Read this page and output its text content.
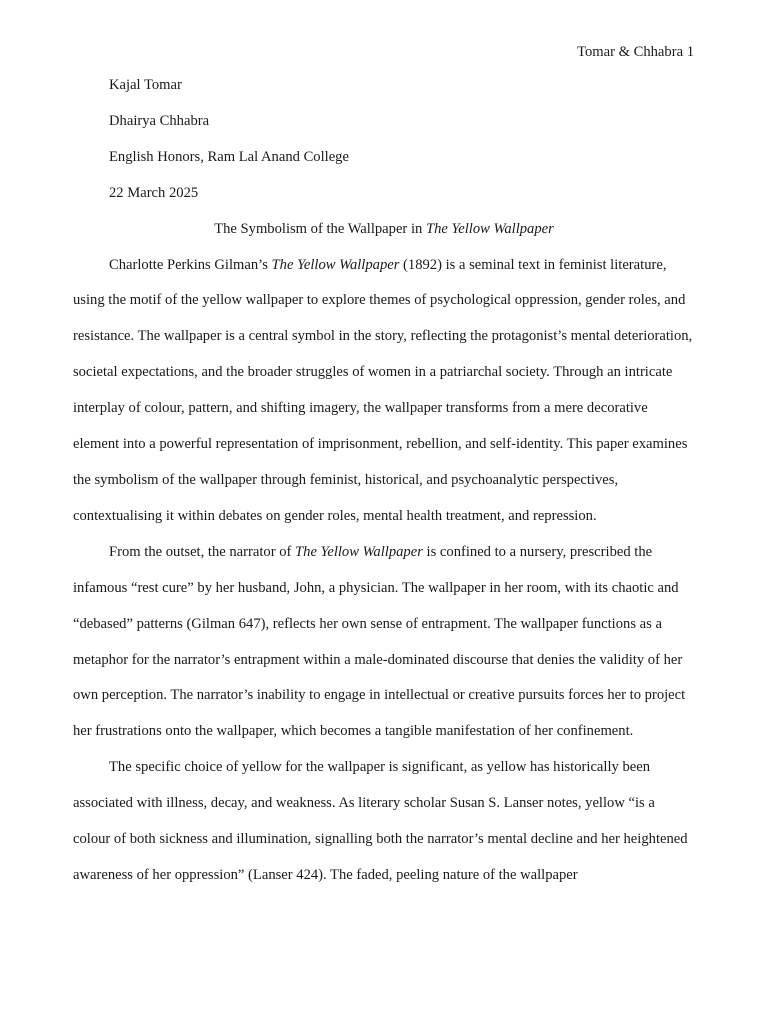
Tomar & Chhabra 1

Kajal Tomar

Dhairya Chhabra

English Honors, Ram Lal Anand College

22 March 2025

The Symbolism of the Wallpaper in The Yellow Wallpaper

Charlotte Perkins Gilman’s The Yellow Wallpaper (1892) is a seminal text in feminist literature, using the motif of the yellow wallpaper to explore themes of psychological oppression, gender roles, and resistance. The wallpaper is a central symbol in the story, reflecting the protagonist’s mental deterioration, societal expectations, and the broader struggles of women in a patriarchal society. Through an intricate interplay of colour, pattern, and shifting imagery, the wallpaper transforms from a mere decorative element into a powerful representation of imprisonment, rebellion, and self-identity. This paper examines the symbolism of the wallpaper through feminist, historical, and psychoanalytic perspectives, contextualising it within debates on gender roles, mental health treatment, and repression.

From the outset, the narrator of The Yellow Wallpaper is confined to a nursery, prescribed the infamous “rest cure” by her husband, John, a physician. The wallpaper in her room, with its chaotic and “debased” patterns (Gilman 647), reflects her own sense of entrapment. The wallpaper functions as a metaphor for the narrator’s entrapment within a male-dominated discourse that denies the validity of her own perception. The narrator’s inability to engage in intellectual or creative pursuits forces her to project her frustrations onto the wallpaper, which becomes a tangible manifestation of her confinement.

The specific choice of yellow for the wallpaper is significant, as yellow has historically been associated with illness, decay, and weakness. As literary scholar Susan S. Lanser notes, yellow “is a colour of both sickness and illumination, signalling both the narrator’s mental decline and her heightened awareness of her oppression” (Lanser 424). The faded, peeling nature of the wallpaper
